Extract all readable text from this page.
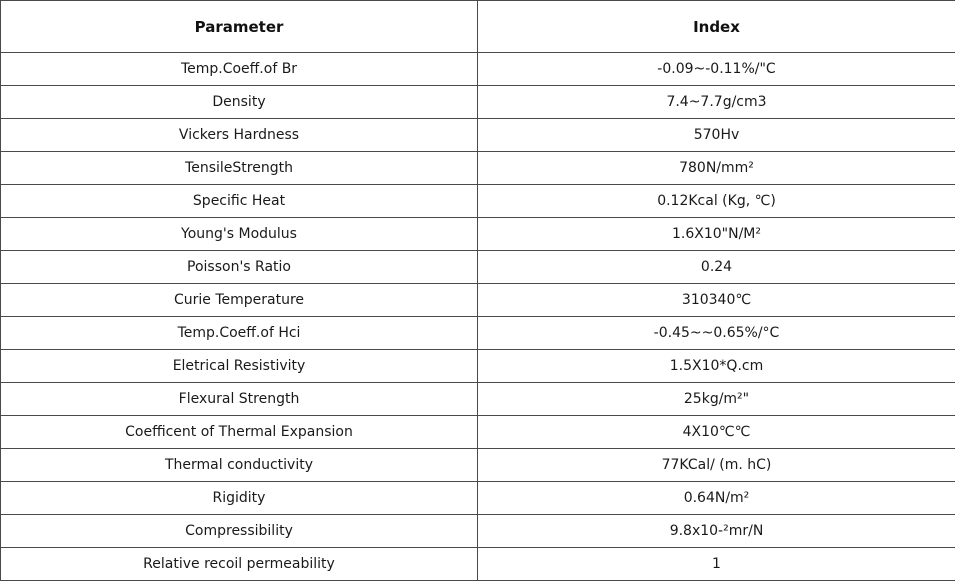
Parameter	Index
Temp.Coeff.of Br	-0.09~-0.11%/"C
Density	7.4~7.7g/cm3
Vickers Hardness	570Hv
TensileStrength	780N/mm²
Specific Heat	0.12Kcal (Kg, ℃)
Young's Modulus	1.6X10"N/M²
Poisson's Ratio	0.24
Curie Temperature	310340℃
Temp.Coeff.of Hci	-0.45~~0.65%/°C
Eletrical Resistivity	1.5X10*Q.cm
Flexural Strength	25kg/m²"
Coefficent of Thermal Expansion	4X10℃℃
Thermal conductivity	77KCal/ (m. hC)
Rigidity	0.64N/m²
Compressibility	9.8x10-²mr/N
Relative recoil permeability	1
